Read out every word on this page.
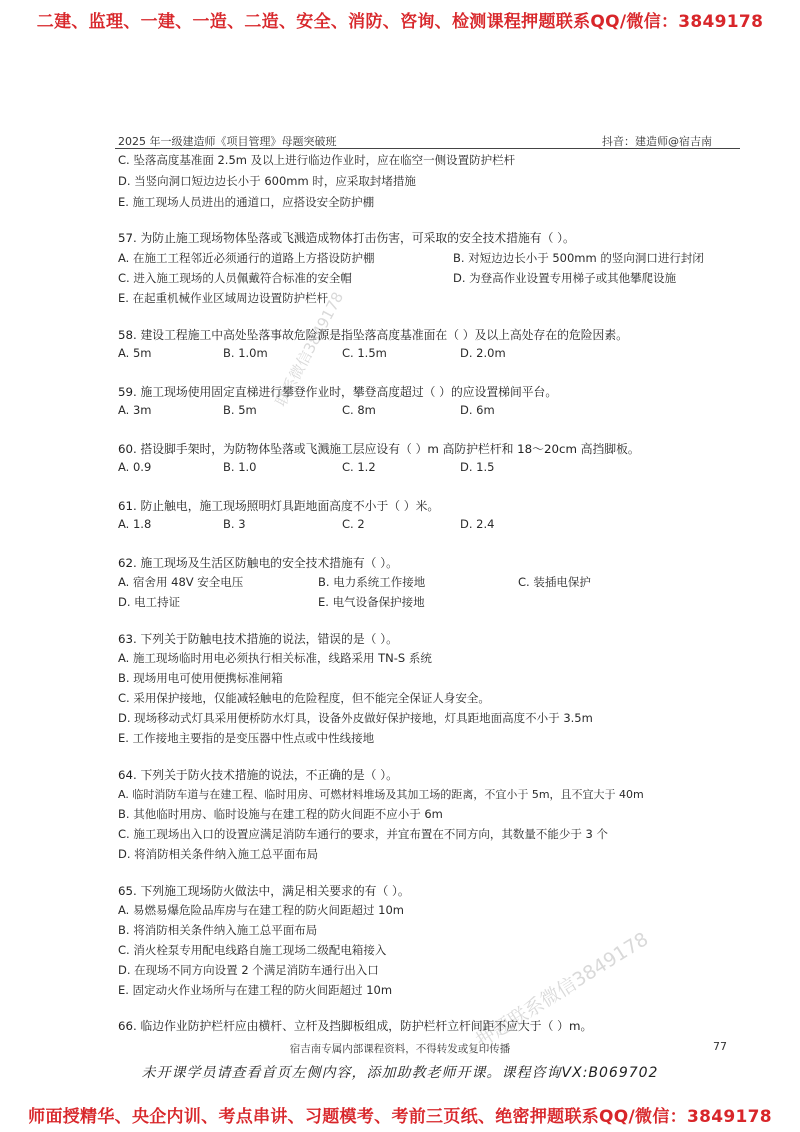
二建、监理、一建、一造、二造、安全、消防、咨询、检测课程押题联系QQ/微信：3849178
2025 年一级建造师《项目管理》母题突破班	抖音：建造师@宿吉南
C. 坠落高度基准面 2.5m 及以上进行临边作业时，应在临空一侧设置防护栏杆
D. 当竖向洞口短边边长小于 600mm 时，应采取封堵措施
E. 施工现场人员进出的通道口，应搭设安全防护棚
57. 为防止施工现场物体坠落或飞溅造成物体打击伤害，可采取的安全技术措施有（ ）。
A. 在施工工程邻近必须通行的道路上方搭设防护棚	B. 对短边边长小于 500mm 的竖向洞口进行封闭
C. 进入施工现场的人员佩戴符合标准的安全帽	D. 为登高作业设置专用梯子或其他攀爬设施
E. 在起重机械作业区域周边设置防护栏杆
58. 建设工程施工中高处坠落事故危险源是指坠落高度基准面在（ ）及以上高处存在的危险因素。
A. 5m	B. 1.0m	C. 1.5m	D. 2.0m
59. 施工现场使用固定直梯进行攀登作业时，攀登高度超过（ ）的应设置梯间平台。
A. 3m	B. 5m	C. 8m	D. 6m
60. 搭设脚手架时，为防物体坠落或飞溅施工层应设有（ ）m 高防护栏杆和 18～20cm 高挡脚板。
A. 0.9	B. 1.0	C. 1.2	D. 1.5
61. 防止触电，施工现场照明灯具距地面高度不小于（ ）米。
A. 1.8	B. 3	C. 2	D. 2.4
62. 施工现场及生活区防触电的安全技术措施有（ ）。
A. 宿舍用 48V 安全电压	B. 电力系统工作接地	C. 装插电保护
D. 电工持证	E. 电气设备保护接地
63. 下列关于防触电技术措施的说法，错误的是（ ）。
A. 施工现场临时用电必须执行相关标准，线路采用 TN-S 系统
B. 现场用电可使用便携标准闸箱
C. 采用保护接地，仅能减轻触电的危险程度，但不能完全保证人身安全。
D. 现场移动式灯具采用便桥防水灯具，设备外皮做好保护接地，灯具距地面高度不小于 3.5m
E. 工作接地主要指的是变压器中性点或中性线接地
64. 下列关于防火技术措施的说法，不正确的是（ ）。
A. 临时消防车道与在建工程、临时用房、可燃材料堆场及其加工场的距离，不宜小于 5m，且不宜大于 40m
B. 其他临时用房、临时设施与在建工程的防火间距不应小于 6m
C. 施工现场出入口的设置应满足消防车通行的要求，并宜布置在不同方向，其数量不能少于 3 个
D. 将消防相关条件纳入施工总平面布局
65. 下列施工现场防火做法中，满足相关要求的有（ ）。
A. 易燃易爆危险品库房与在建工程的防火间距超过 10m
B. 将消防相关条件纳入施工总平面布局
C. 消火栓泵专用配电线路自施工现场二级配电箱接入
D. 在现场不同方向设置 2 个满足消防车通行出入口
E. 固定动火作业场所与在建工程的防火间距超过 10m
66. 临边作业防护栏杆应由横杆、立杆及挡脚板组成，防护栏杆立杆间距不应大于（ ）m。
联系微信3849178
押题联系微信3849178
宿吉南专属内部课程资料，不得转发或复印传播	77
未开课学员请查看首页左侧内容，添加助教老师开课。课程咨询VX:B069702
师面授精华、央企内训、考点串讲、习题模考、考前三页纸、绝密押题联系QQ/微信：3849178
